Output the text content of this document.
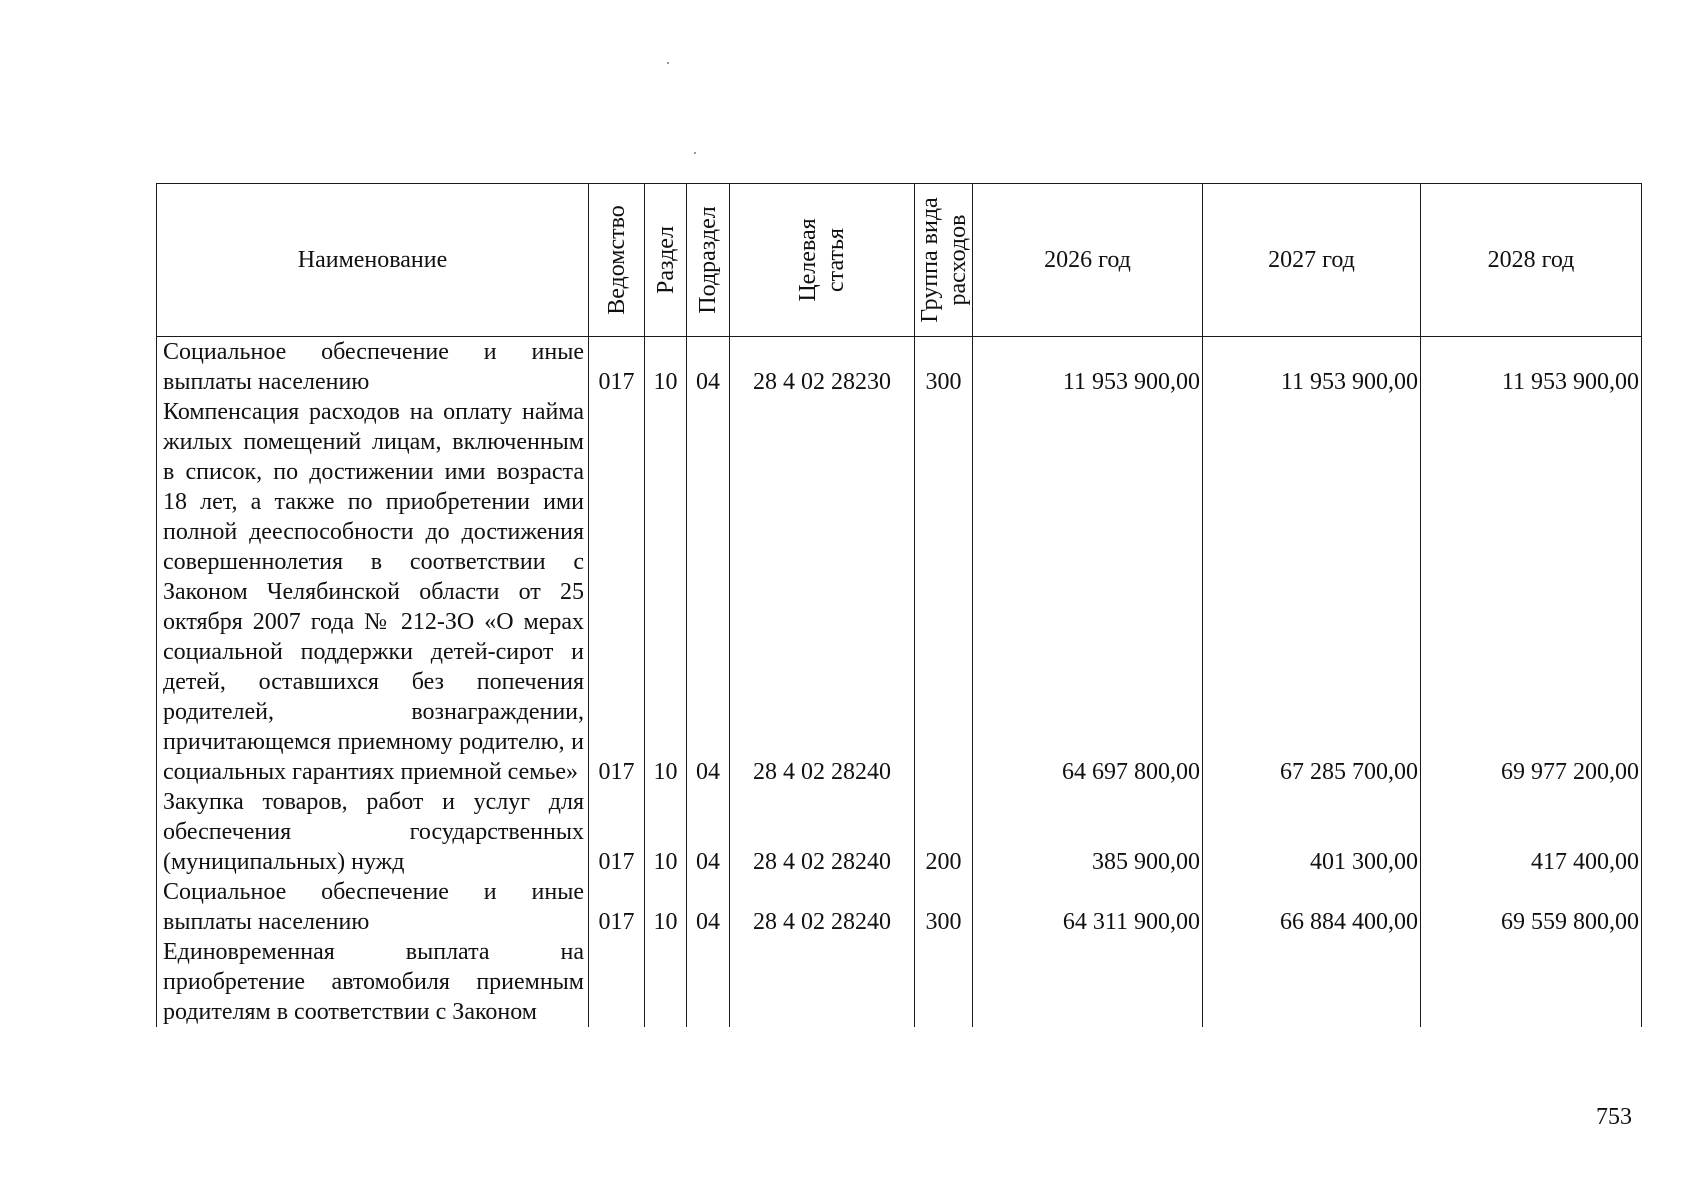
Наименование	Ведомство	Раздел	Подраздел	Целевая статья	Группа вида расходов	2026 год	2027 год	2028 год
Социальное обеспечение и иные выплаты населению	017	10	04	28 4 02 28230	300	11 953 900,00	11 953 900,00	11 953 900,00
Компенсация расходов на оплату найма жилых помещений лицам, включенным в список, по достижении ими возраста 18 лет, а также по приобретении ими полной дееспособности до достижения совершеннолетия в соответствии с Законом Челябинской области от 25 октября 2007 года № 212-ЗО «О мерах социальной поддержки детей-сирот и детей, оставшихся без попечения родителей, вознаграждении, причитающемся приемному родителю, и социальных гарантиях приемной семье»	017	10	04	28 4 02 28240		64 697 800,00	67 285 700,00	69 977 200,00
Закупка товаров, работ и услуг для обеспечения государственных (муниципальных) нужд	017	10	04	28 4 02 28240	200	385 900,00	401 300,00	417 400,00
Социальное обеспечение и иные выплаты населению	017	10	04	28 4 02 28240	300	64 311 900,00	66 884 400,00	69 559 800,00
Единовременная выплата на приобретение автомобиля приемным родителям в соответствии с Законом								
753
